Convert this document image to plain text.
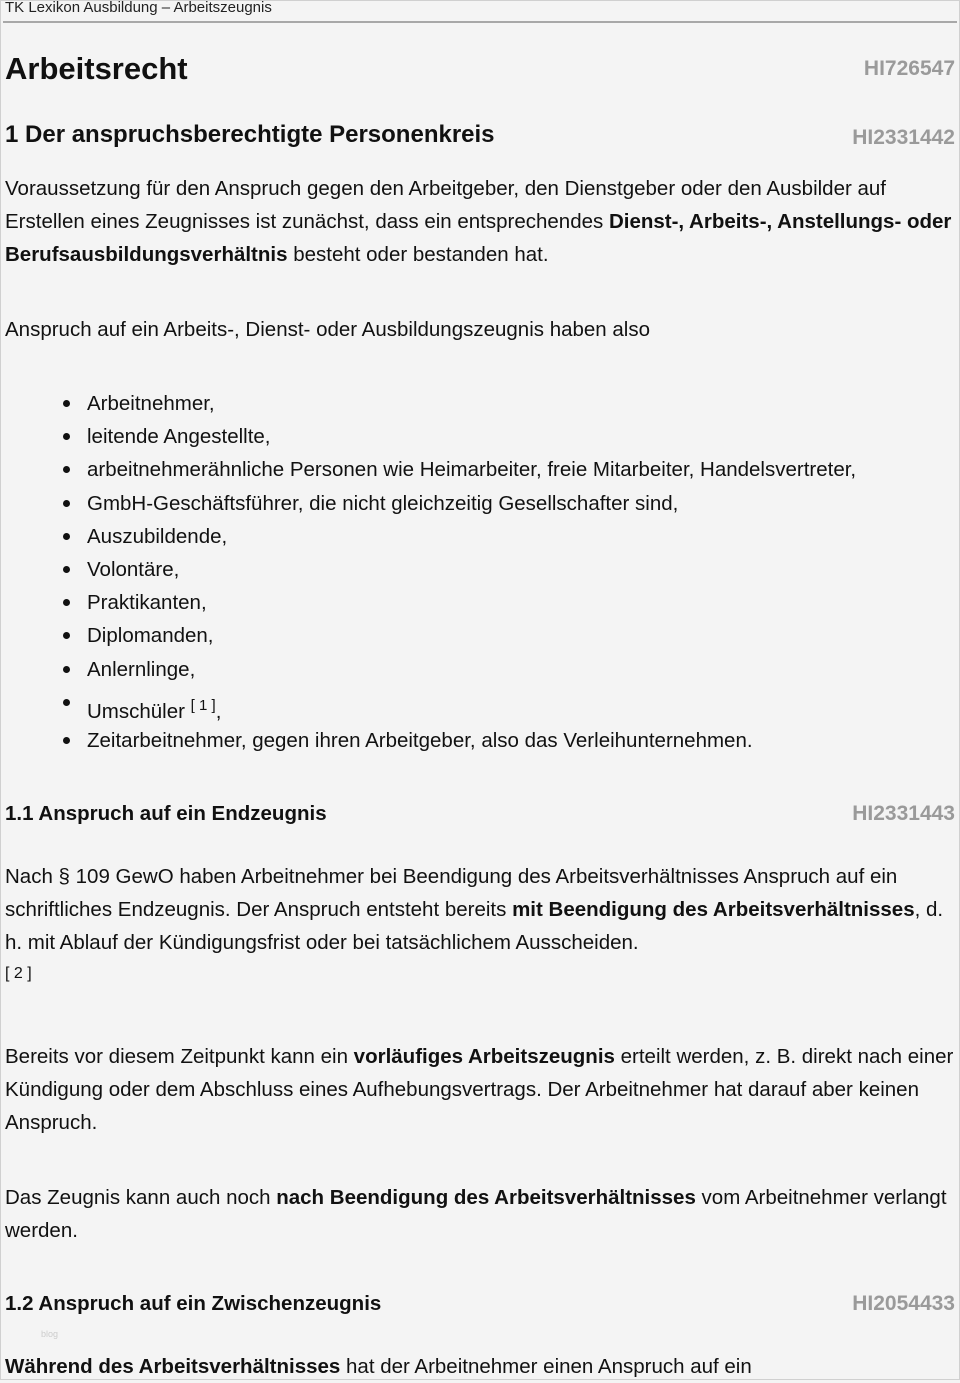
TK Lexikon Ausbildung – Arbeitszeugnis
Arbeitsrecht	HI726547
1 Der anspruchsberechtigte Personenkreis	HI2331442
Voraussetzung für den Anspruch gegen den Arbeitgeber, den Dienstgeber oder den Ausbilder auf Erstellen eines Zeugnisses ist zunächst, dass ein entsprechendes Dienst-, Arbeits-, Anstellungs- oder Berufsausbildungsverhältnis besteht oder bestanden hat.
Anspruch auf ein Arbeits-, Dienst- oder Ausbildungszeugnis haben also
Arbeitnehmer,
leitende Angestellte,
arbeitnehmerähnliche Personen wie Heimarbeiter, freie Mitarbeiter, Handelsvertreter,
GmbH-Geschäftsführer, die nicht gleichzeitig Gesellschafter sind,
Auszubildende,
Volontäre,
Praktikanten,
Diplomanden,
Anlernlinge,
Umschüler [ 1 ],
Zeitarbeitnehmer, gegen ihren Arbeitgeber, also das Verleihunternehmen.
1.1 Anspruch auf ein Endzeugnis	HI2331443
Nach § 109 GewO haben Arbeitnehmer bei Beendigung des Arbeitsverhältnisses Anspruch auf ein schriftliches Endzeugnis. Der Anspruch entsteht bereits mit Beendigung des Arbeitsverhältnisses, d. h. mit Ablauf der Kündigungsfrist oder bei tatsächlichem Ausscheiden.
[ 2 ]
Bereits vor diesem Zeitpunkt kann ein vorläufiges Arbeitszeugnis erteilt werden, z. B. direkt nach einer Kündigung oder dem Abschluss eines Aufhebungsvertrags. Der Arbeitnehmer hat darauf aber keinen Anspruch.
Das Zeugnis kann auch noch nach Beendigung des Arbeitsverhältnisses vom Arbeitnehmer verlangt werden.
1.2 Anspruch auf ein Zwischenzeugnis	HI2054433
blog
Während des Arbeitsverhältnisses hat der Arbeitnehmer einen Anspruch auf ein
